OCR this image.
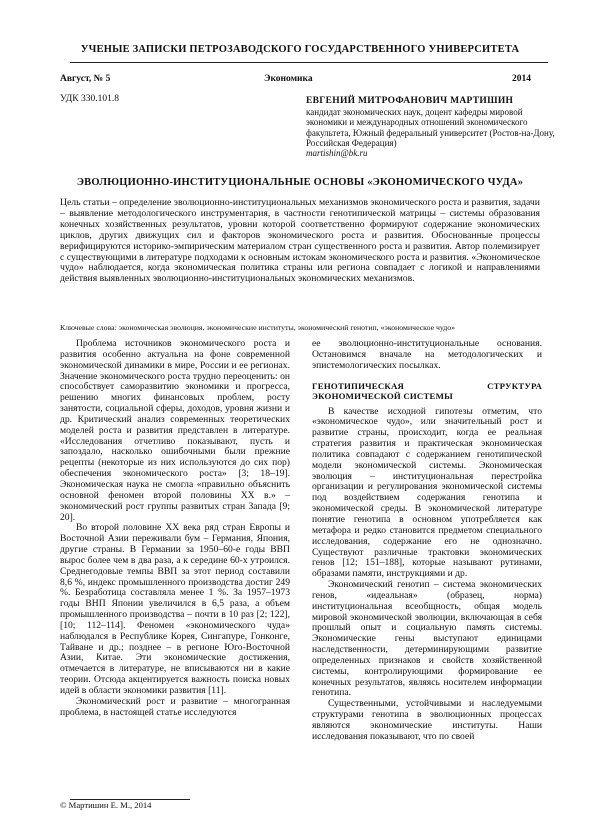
УЧЕНЫЕ ЗАПИСКИ ПЕТРОЗАВОДСКОГО ГОСУДАРСТВЕННОГО УНИВЕРСИТЕТА
Август, № 5	Экономика	2014
УДК 330.101.8	ЕВГЕНИЙ МИТРОФАНОВИЧ МАРТИШИН
кандидат экономических наук, доцент кафедры мировой экономики и международных отношений экономического факультета, Южный федеральный университет (Ростов-на-Дону, Российская Федерация)
martishin@bk.ru
ЭВОЛЮЦИОННО-ИНСТИТУЦИОНАЛЬНЫЕ ОСНОВЫ «ЭКОНОМИЧЕСКОГО ЧУДА»
Цель статьи – определение эволюционно-институциональных механизмов экономического роста и развития, задачи – выявление методологического инструментария, в частности генотипической матрицы – системы образования конечных хозяйственных результатов, уровни которой соответственно формируют содержание экономических циклов, других движущих сил и факторов экономического роста и развития. Обоснованные процессы верифицируются историко-эмпирическим материалом стран существенного роста и развития. Автор полемизирует с существующими в литературе подходами к основным истокам экономического роста и развития. «Экономическое чудо» наблюдается, когда экономическая политика страны или региона совпадает с логикой и направлениями действия выявленных эволюционно-институциональных экономических механизмов.
Ключевые слова: экономическая эволюция, экономические институты, экономический генотип, «экономическое чудо»

Проблема источников экономического роста и развития особенно актуальна на фоне современной экономической динамики в мире, России и ее регионах. Значение экономического роста трудно переоценить: он способствует саморазвитию экономики и прогресса, решению многих финансовых проблем, росту занятости, социальной сферы, доходов, уровня жизни и др. Критический анализ современных теоретических моделей роста и развития представлен в литературе. «Исследования отчетливо показывают, пусть и запоздало, насколько ошибочными были прежние рецепты (некоторые из них используются до сих пор) обеспечения экономического роста» [3; 18–19]. Экономическая наука не смогла «правильно объяснить основной феномен второй половины XX в.» – экономический рост группы развитых стран Запада [9; 20].

Во второй половине XX века ряд стран Европы и Восточной Азии переживали бум – Германия, Япония, другие страны. В Германии за 1950–60-е годы ВВП вырос более чем в два раза, а к середине 60-х утроился. Среднегодовые темпы ВВП за этот период составили 8,6 %, индекс промышленного производства достиг 249 %. Безработица составляла менее 1 %. За 1957–1973 годы ВНП Японии увеличился в 6,5 раза, а объем промышленного производства – почти в 10 раз [2; 122], [10; 112–114]. Феномен «экономического чуда» наблюдался в Республике Корея, Сингапуре, Гонконге, Тайване и др.; позднее – в регионе Юго-Восточной Азии, Китае. Эти экономические достижения, отмечается в литературе, не вписываются ни в какие теории. Отсюда акцентируется важность поиска новых идей в области экономики развития [11].

Экономический рост и развитие – многогранная проблема, в настоящей статье исследуются

ее эволюционно-институциональные основания. Остановимся вначале на методологических и эпистемологических посылках.

ГЕНОТИПИЧЕСКАЯ СТРУКТУРА ЭКОНОМИЧЕСКОЙ СИСТЕМЫ

В качестве исходной гипотезы отметим, что «экономическое чудо», или значительный рост и развитие страны, происходит, когда ее реальная стратегия развития и практическая экономическая политика совпадают с содержанием генотипической модели экономической системы. Экономическая эволюция – институциональная перестройка организации и регулирования экономической системы под воздействием содержания генотипа и экономической среды. В экономической литературе понятие генотипа в основном употребляется как метафора и редко становится предметом специального исследования, содержание его не однозначно. Существуют различные трактовки экономических генов [12; 151–188], которые называют рутинами, образами памяти, инструкциями и др.

Экономический генотип – система экономических генов, «идеальная» (образец, норма) институциональная всеобщность, общая модель мировой экономической эволюции, включающая в себя прошлый опыт и социальную память системы. Экономические гены выступают единицами наследственности, детерминирующими развитие определенных признаков и свойств хозяйственной системы, контролирующими формирование ее конечных результатов, являясь носителем информации генотипа.

Существенными, устойчивыми и наследуемыми структурами генотипа в эволюционных процессах являются экономические институты. Наши исследования показывают, что по своей

© Мартишин Е. М., 2014
